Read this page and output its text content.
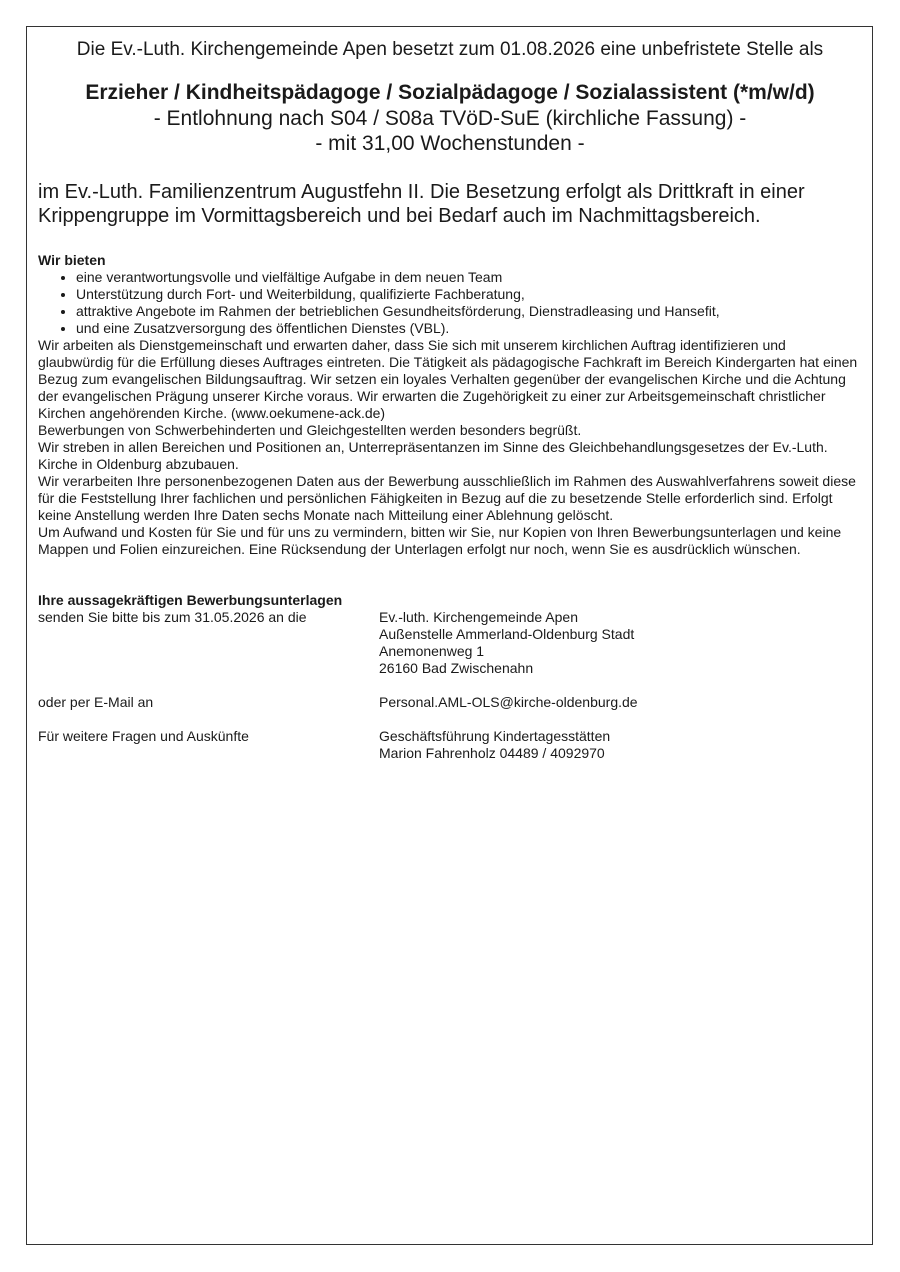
Die Ev.-Luth. Kirchengemeinde Apen besetzt zum 01.08.2026 eine unbefristete Stelle als

Erzieher / Kindheitspädagoge / Sozialpädagoge / Sozialassistent (*m/w/d)

- Entlohnung nach S04 / S08a TVöD-SuE (kirchliche Fassung) -

- mit 31,00 Wochenstunden -

im Ev.-Luth. Familienzentrum Augustfehn II. Die Besetzung erfolgt als Drittkraft in einer Krippengruppe im Vormittagsbereich und bei Bedarf auch im Nachmittagsbereich.

Wir bieten
• eine verantwortungsvolle und vielfältige Aufgabe in dem neuen Team
• Unterstützung durch Fort- und Weiterbildung, qualifizierte Fachberatung,
• attraktive Angebote im Rahmen der betrieblichen Gesundheitsförderung, Dienstradleasing und Hansefit,
• und eine Zusatzversorgung des öffentlichen Dienstes (VBL).

Wir arbeiten als Dienstgemeinschaft und erwarten daher, dass Sie sich mit unserem kirchlichen Auftrag identifizieren und glaubwürdig für die Erfüllung dieses Auftrages eintreten. Die Tätigkeit als pädagogische Fachkraft im Bereich Kindergarten hat einen Bezug zum evangelischen Bildungsauftrag. Wir setzen ein loyales Verhalten gegenüber der evangelischen Kirche und die Achtung der evangelischen Prägung unserer Kirche voraus. Wir erwarten die Zugehörigkeit zu einer zur Arbeitsgemeinschaft christlicher Kirchen angehörenden Kirche. (www.oekumene-ack.de)

Bewerbungen von Schwerbehinderten und Gleichgestellten werden besonders begrüßt.

Wir streben in allen Bereichen und Positionen an, Unterrepräsentanzen im Sinne des Gleichbehandlungsgesetzes der Ev.-Luth. Kirche in Oldenburg abzubauen.

Wir verarbeiten Ihre personenbezogenen Daten aus der Bewerbung ausschließlich im Rahmen des Auswahlverfahrens soweit diese für die Feststellung Ihrer fachlichen und persönlichen Fähigkeiten in Bezug auf die zu besetzende Stelle erforderlich sind. Erfolgt keine Anstellung werden Ihre Daten sechs Monate nach Mitteilung einer Ablehnung gelöscht.

Um Aufwand und Kosten für Sie und für uns zu vermindern, bitten wir Sie, nur Kopien von Ihren Bewerbungsunterlagen und keine Mappen und Folien einzureichen. Eine Rücksendung der Unterlagen erfolgt nur noch, wenn Sie es ausdrücklich wünschen.

Ihre aussagekräftigen Bewerbungsunterlagen
senden Sie bitte bis zum 31.05.2026 an die	Ev.-luth. Kirchengemeinde Apen
Außenstelle Ammerland-Oldenburg Stadt
Anemonenweg 1
26160 Bad Zwischenahn
oder per E-Mail an	Personal.AML-OLS@kirche-oldenburg.de
Für weitere Fragen und Auskünfte	Geschäftsführung Kindertagesstätten
Marion Fahrenholz 04489 / 4092970
